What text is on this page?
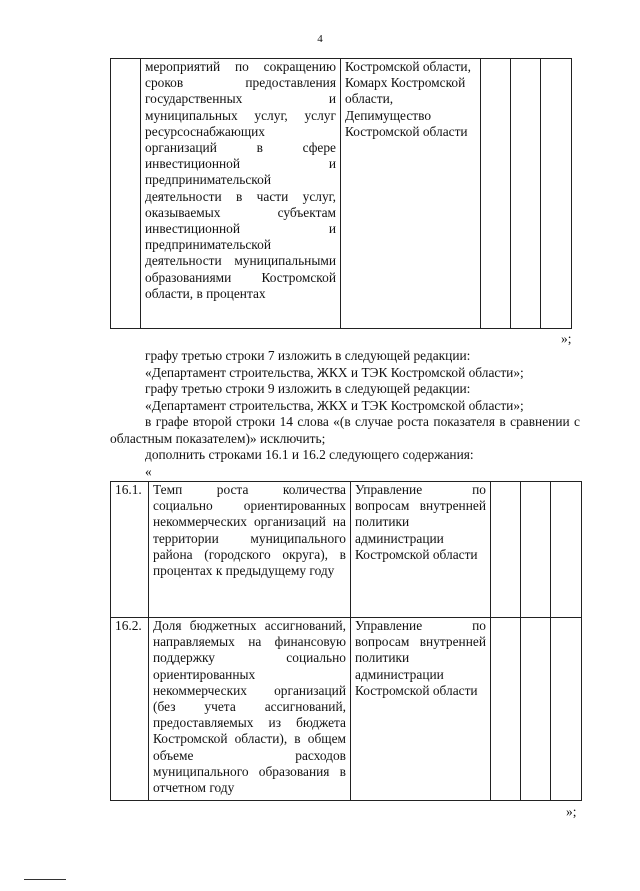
4
	мероприятий по сокращению сроков предоставления государственных и муниципальных услуг, услуг ресурсоснабжающих организаций в сфере инвестиционной и предпринимательской деятельности в части услуг, оказываемых субъектам инвестиционной и предпринимательской деятельности муниципальными образованиями Костромской области, в процентах	Костромской области, Комарх Костромской области, Депимущество Костромской области			
»;

графу третью строки 7 изложить в следующей редакции:

«Департамент строительства, ЖКХ и ТЭК Костромской области»;

графу третью строки 9 изложить в следующей редакции:

«Департамент строительства, ЖКХ и ТЭК Костромской области»;

в графе второй строки 14 слова «(в случае роста показателя в сравнении с областным показателем)» исключить;

дополнить строками 16.1 и 16.2 следующего содержания:

«
16.1.	Темп роста количества социально ориентированных некоммерческих организаций на территории муниципального района (городского округа), в процентах к предыдущему году	Управление по вопросам внутренней политики администрации Костромской области			
16.2.	Доля бюджетных ассигнований, направляемых на финансовую поддержку социально ориентированных некоммерческих организаций (без учета ассигнований, предоставляемых из бюджета Костромской области), в общем объеме расходов муниципального образования в отчетном году	Управление по вопросам внутренней политики администрации Костромской области			
»;
